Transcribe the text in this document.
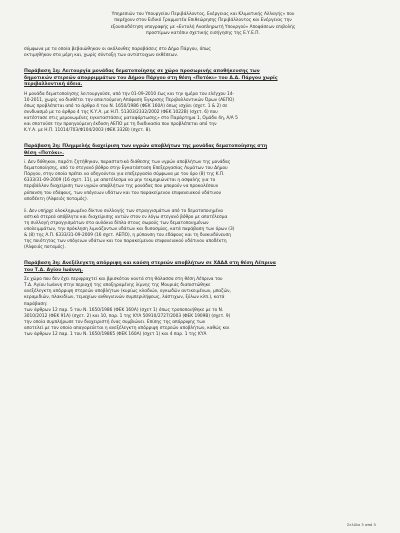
Υπηρεσιών του Υπουργείου Περιβάλλοντος, Ενέργειας και Κλιματικής Αλλαγής» που
παρέχουν στον Ειδικό Γραμματέα Επιθεώρησης Περιβάλλοντος και Ενέργειας την
εξουσιοδότηση υπογραφής με «Εντολή Αναπληρωτή Υπουργού» Αποφάσεων επιβολής
προστίμων κατόπιν σχετικής εισήγησης της Ε.Υ.Ε.Π.
σύμφωνα με τα οποία βεβαιώθηκαν οι ακόλουθες παραβάσεις στο Δήμο Πάργου, όπως
εκτιμηθήκαν στα μέρη και, χωρίς σύνταξη των αντίστοιχων εκθέσεων.
Παράβαση 1η: Λειτουργία μονάδας δεματοποίησης σε χώρο προσωρινής αποθήκευσης των
δημοτικών στερεών απορριμμάτων του Δήμου Πάργου στη θέση «Ποτόκι» του Δ.Δ. Πάργου χωρίς
περιβαλλοντική άδεια.
Η μονάδα δεματοποίησης λειτουργούσε, από την 01-09-2010 έως και την ημέρα του ελέγχου 14-
10-2011, χωρίς να διαθέτει την απαιτούμενη Απόφαση Έγκρισης Περιβαλλοντικών Όρων (ΑΕΠΟ)
όπως προβλέπεται από το άρθρο 4 του Ν. 1650/1986 (ΦΕΚ 160Α) όπως ισχύει (σχετ. 1 & 2) σε
συνδυασμό με το άρθρο 4 της Κ.Υ.Α. με Η.Π. 51303/2332/2002 (ΦΕΚ 1022Β) (σχετ. 6) που
κατέστασε στις μεμονωμένες εγκαταστάσεις ματαφόρτωσης» στο Παράρτημα 1, Ομάδα 4η, Α/Α 5
και σποτούσε την προηγούμενη έκδοση ΑΕΠΟ με τη διαδικασία που προβλέπεται από την
Κ.Υ.Α. με Η.Π. 11014/703/Φ104/2003 (ΦΕΚ 332Β) (σχετ. 8).
Παράβαση 2η: Πλημμελής διαχείριση των υγρών αποβλήτων της μονάδας δεματοποίησης στη
θέση «Ποτόκι».
i. Δεν δόθηκαν, παρότι ζητήθηκαν, παραστατικά διάθεσης των υγρών αποβλήτων της μονάδας
δεματοποίησης, από το στεγανό βόθρο στην Εγκατάσταση Επεξεργασίας Λυμάτων του Δήμου
Πάργου, στην οποία πρέπει να οδηγούνται για επεξεργασία σύμφωνα με τον όρο (8) της Κ.Π.
6333/31-09-2009 (16 σχετ. 11), με αποτέλεσμα να μην τεκμηριώνεται η ασφαλής για το
περιβάλλον διαχείριση των υγρών αποβλήτων της μονάδας που μπορούν να προκαλέσουν
ρύπανση του εδάφους, των υπόγειων υδάτων και του παρακείμενου επιφανειακού υδάτινου
αποδέκτη (Αλφειός ποταμός).
ii. Δεν υπήρχε ολοκληρωμένο δίκτυο συλλογής των στραγγισμάτων από το δεματοποιημένα
αστικά στερεά απόβλητα και διαχείρισης αυτών στον εν λόγω στεγανό βόθρο με αποτέλεσμα
τη συλλογή στραγγισμάτων στα αυλάκια δίπλα στους σωρούς των δεματοποιημένων
υπολειμμάτων, την πρόκληση λιμνάζοντων υδάτων και δυσοσμίας, κατά παράβαση των όρων (3)
& (8) της Α.Π. 6333/31-09-2009 (16 σχετ. ΑΕΠΟ), η ρύπανση του εδάφους και τη διακινδύνευση
της ποιότητας των υπόγειων υδάτων και του παρακείμενου επιφανειακού υδάτινου αποδέκτη
(Αλφειός ποταμός).
Παράβαση 3η: Ανεξέλεγκτη απόρριψη και καύση στερεών αποβλήτων σε ΧΑΔΑ στη θέση Λέπρινα
του Τ.Δ. Αγίου Ιωάννη.
Σε χώρο που δεν έχει περιφραχτεί και βρισκόταν κοντά στη θάλασσα στη θέση Λέπρινα του
Τ.Δ. Αγίου Ιωάννη στην περιοχή της αποξηραμένης λίμνης της Μουριάς διαπιστώθηκε
ανεξέλεγκτη απόρριψη στερεών αποβλήτων (κυρίως κλαδιών, ογκωδών αντικειμένων, μπαζών,
κεραμιδιών, πλακιδίων, τεμαχίων ανθυγιεινών συμπεριλήψεως, λάστιχων, ξύλων κλπ.), κατά
παράβαση:
των άρθρων 12 παρ. 5 του Ν. 1650/1986 (ΦΕΚ 160Α) (σχετ 1) όπως τροποποιήθηκε με το Ν.
3010/2012 (ΦΕΚ 91Α) (σχετ. 2) και 10, παρ. 1 της ΚΥΑ 50910/2727/2003 (ΦΕΚ 1909Β) (σχετ. 9)
την οποία συμπλήρωσε τον διαχειριστή ένας συμβιώνει. Επίσης της απόρριψης των
αποτελεί με τον οποίο απαγορεύεται η ανεξέλεγκτη απόρριψη στερεών αποβλήτων, καθώς και
των άρθρων 12 παρ. 1 του Ν. 1650/19865 (ΦΕΚ 160Α) (σχετ 1) και 4 παρ. 1 της ΚΥΑ
Σελίδα 3 από 5
